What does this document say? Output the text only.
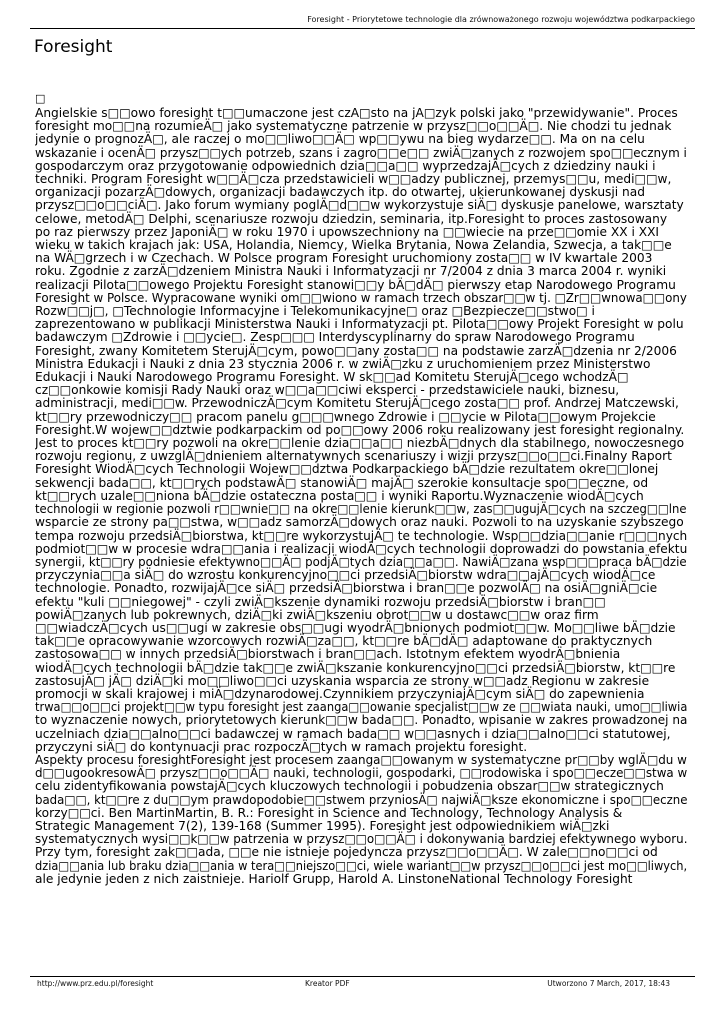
Foresight - Priorytetowe technologie dla zrównoważonego rozwoju województwa podkarpackiego
Foresight
□
Angielskie s□□owo foresight t□□umaczone jest czÄ□sto na jÄ□zyk polski jako "przewidywanie". Proces
foresight mo□□na rozumieÄ□ jako systematyczne patrzenie w przysz□□o□□Ä□. Nie chodzi tu jednak
jedynie o prognozÄ□, ale raczej o mo□□liwo□□Ä□ wp□□ywu na bieg wydarze□□. Ma on na celu
wskazanie i ocenÄ□ przysz□□ych potrzeb, szans i zagro□□e□□ zwiÄ□zanych z rozwojem spo□□ecznym i
gospodarczym oraz przygotowanie odpowiednich dzia□□a□□ wyprzedzajÄ□cych z dziedziny nauki i
techniki. Program Foresight w□□Ä□cza przedstawicieli w□□adzy publicznej, przemys□□u, medi□□w,
organizacji pozarzÄ□dowych, organizacji badawczych itp. do otwartej, ukierunkowanej dyskusji nad
przysz□□o□□ciÄ□. Jako forum wymiany poglÄ□d□□w wykorzystuje siÄ□ dyskusje panelowe, warsztaty
celowe, metodÄ□ Delphi, scenariusze rozwoju dziedzin, seminaria, itp.Foresight to proces zastosowany
po raz pierwszy przez JaponiÄ□ w roku 1970 i upowszechniony na □□wiecie na prze□□omie XX i XXI
wieku w takich krajach jak: USA, Holandia, Niemcy, Wielka Brytania, Nowa Zelandia, Szwecja, a tak□□e
na WÄ□grzech i w Czechach. W Polsce program Foresight uruchomiony zosta□□ w IV kwartale 2003
roku. Zgodnie z zarzÄ□dzeniem Ministra Nauki i Informatyzacji nr 7/2004 z dnia 3 marca 2004 r. wyniki
realizacji Pilota□□owego Projektu Foresight stanowi□□y bÄ□dÄ□ pierwszy etap Narodowego Programu
Foresight w Polsce. Wypracowane wyniki om□□wiono w ramach trzech obszar□□w tj. □Zr□□wnowa□□ony
Rozw□□j□, □Technologie Informacyjne i Telekomunikacyjne□ oraz □Bezpiecze□□stwo□ i
zaprezentowano w publikacji Ministerstwa Nauki i Informatyzacji pt. Pilota□□owy Projekt Foresight w polu
badawczym □Zdrowie i □□ycie□. Zesp□□□ Interdyscyplinarny do spraw Narodowego Programu
Foresight, zwany Komitetem SterujÄ□cym, powo□□any zosta□□ na podstawie zarzÄ□dzenia nr 2/2006
Ministra Edukacji i Nauki z dnia 23 stycznia 2006 r. w zwiÄ□zku z uruchomieniem przez Ministerstwo
Edukacji i Nauki Narodowego Programu Foresight. W sk□□ad Komitetu SterujÄ□cego wchodzÄ□
cz□□onkowie komisji Rady Nauki oraz w□□a□□ciwi eksperci - przedstawiciele nauki, biznesu,
administracji, medi□□w. PrzewodniczÄ□cym Komitetu SterujÄ□cego zosta□□ prof. Andrzej Matczewski,
kt□□ry przewodniczy□□ pracom panelu g□□□wnego Zdrowie i □□ycie w Pilota□□owym Projekcie
Foresight.W wojew□□dztwie podkarpackim od po□□owy 2006 roku realizowany jest foresight regionalny.
Jest to proces kt□□ry pozwoli na okre□□lenie dzia□□a□□ niezbÄ□dnych dla stabilnego, nowoczesnego
rozwoju regionu, z uwzglÄ□dnieniem alternatywnych scenariuszy i wizji przysz□□o□□ci.Finalny Raport
Foresight WiodÄ□cych Technologii Wojew□□dztwa Podkarpackiego bÄ□dzie rezultatem okre□□lonej
sekwencji bada□□, kt□□rych podstawÄ□ stanowiÄ□ majÄ□ szerokie konsultacje spo□□eczne, od
kt□□rych uzale□□niona bÄ□dzie ostateczna posta□□ i wyniki Raportu.Wyznaczenie wiodÄ□cych
technologii w regionie pozwoli r□□wnie□□ na okre□□lenie kierunk□□w, zas□□ugujÄ□cych na szczeg□□lne
wsparcie ze strony pa□□stwa, w□□adz samorzÄ□dowych oraz nauki. Pozwoli to na uzyskanie szybszego
tempa rozwoju przedsiÄ□biorstwa, kt□□re wykorzystujÄ□ te technologie. Wsp□□dzia□□anie r□□□nych
podmiot□□w w procesie wdra□□ania i realizacji wiodÄ□cych technologii doprowadzi do powstania efektu
synergii, kt□□ry podniesie efektywno□□Ä□ podjÄ□tych dzia□□a□□. NawiÄ□zana wsp□□□praca bÄ□dzie
przyczynia□□a siÄ□ do wzrostu konkurencyjno□□ci przedsiÄ□biorstw wdra□□ajÄ□cych wiodÄ□ce
technologie. Ponadto, rozwijajÄ□ce siÄ□ przedsiÄ□biorstwa i bran□□e pozwolÄ□ na osiÄ□gniÄ□cie
efektu "kuli □□niegowej" - czyli zwiÄ□kszenie dynamiki rozwoju przedsiÄ□biorstw i bran□□
powiÄ□zanych lub pokrewnych, dziÄ□ki zwiÄ□kszeniu obrot□□w u dostawc□□w oraz firm
□□wiadczÄ□cych us□□ugi w zakresie obs□□ugi wyodrÄ□bnionych podmiot□□w. Mo□□liwe bÄ□dzie
tak□□e opracowywanie wzorcowych rozwiÄ□za□□, kt□□re bÄ□dÄ□ adaptowane do praktycznych
zastosowa□□ w innych przedsiÄ□biorstwach i bran□□ach. Istotnym efektem wyodrÄ□bnienia
wiodÄ□cych technologii bÄ□dzie tak□□e zwiÄ□kszanie konkurencyjno□□ci przedsiÄ□biorstw, kt□□re
zastosujÄ□ jÄ□ dziÄ□ki mo□□liwo□□ci uzyskania wsparcia ze strony w□□adz Regionu w zakresie
promocji w skali krajowej i miÄ□dzynarodowej.Czynnikiem przyczyniajÄ□cym siÄ□ do zapewnienia
trwa□□o□□ci projekt□□w typu foresight jest zaanga□□owanie specjalist□□w ze □□wiata nauki, umo□□liwia
to wyznaczenie nowych, priorytetowych kierunk□□w bada□□. Ponadto, wpisanie w zakres prowadzonej na
uczelniach dzia□□alno□□ci badawczej w ramach bada□□ w□□asnych i dzia□□alno□□ci statutowej,
przyczyni siÄ□ do kontynuacji prac rozpoczÄ□tych w ramach projektu foresight.
Aspekty procesu foresightForesight jest procesem zaanga□□owanym w systematyczne pr□□by wglÄ□du w
d□□ugookresowÄ□ przysz□□o□□Ä□ nauki, technologii, gospodarki, □□rodowiska i spo□□ecze□□stwa w
celu zidentyfikowania powstajÄ□cych kluczowych technologii i pobudzenia obszar□□w strategicznych
bada□□, kt□□re z du□□ym prawdopodobie□□stwem przyniosÄ□ najwiÄ□ksze ekonomiczne i spo□□eczne
korzy□□ci. Ben MartinMartin, B. R.: Foresight in Science and Technology, Technology Analysis &
Strategic Management 7(2), 139-168 (Summer 1995). Foresight jest odpowiednikiem wiÄ□zki
systematycznych wysi□□k□□w patrzenia w przysz□□o□□Ä□ i dokonywania bardziej efektywnego wyboru.
Przy tym, foresight zak□□ada, □□e nie istnieje pojedyncza przysz□□o□□Ä□. W zale□□no□□ci od
dzia□□ania lub braku dzia□□ania w tera□□niejszo□□ci, wiele wariant□□w przysz□□o□□ci jest mo□□liwych,
ale jedynie jeden z nich zaistnieje. Hariolf Grupp, Harold A. LinstoneNational Technology Foresight
http://www.prz.edu.pl/foresight	Kreator PDF	Utworzono 7 March, 2017, 18:43
